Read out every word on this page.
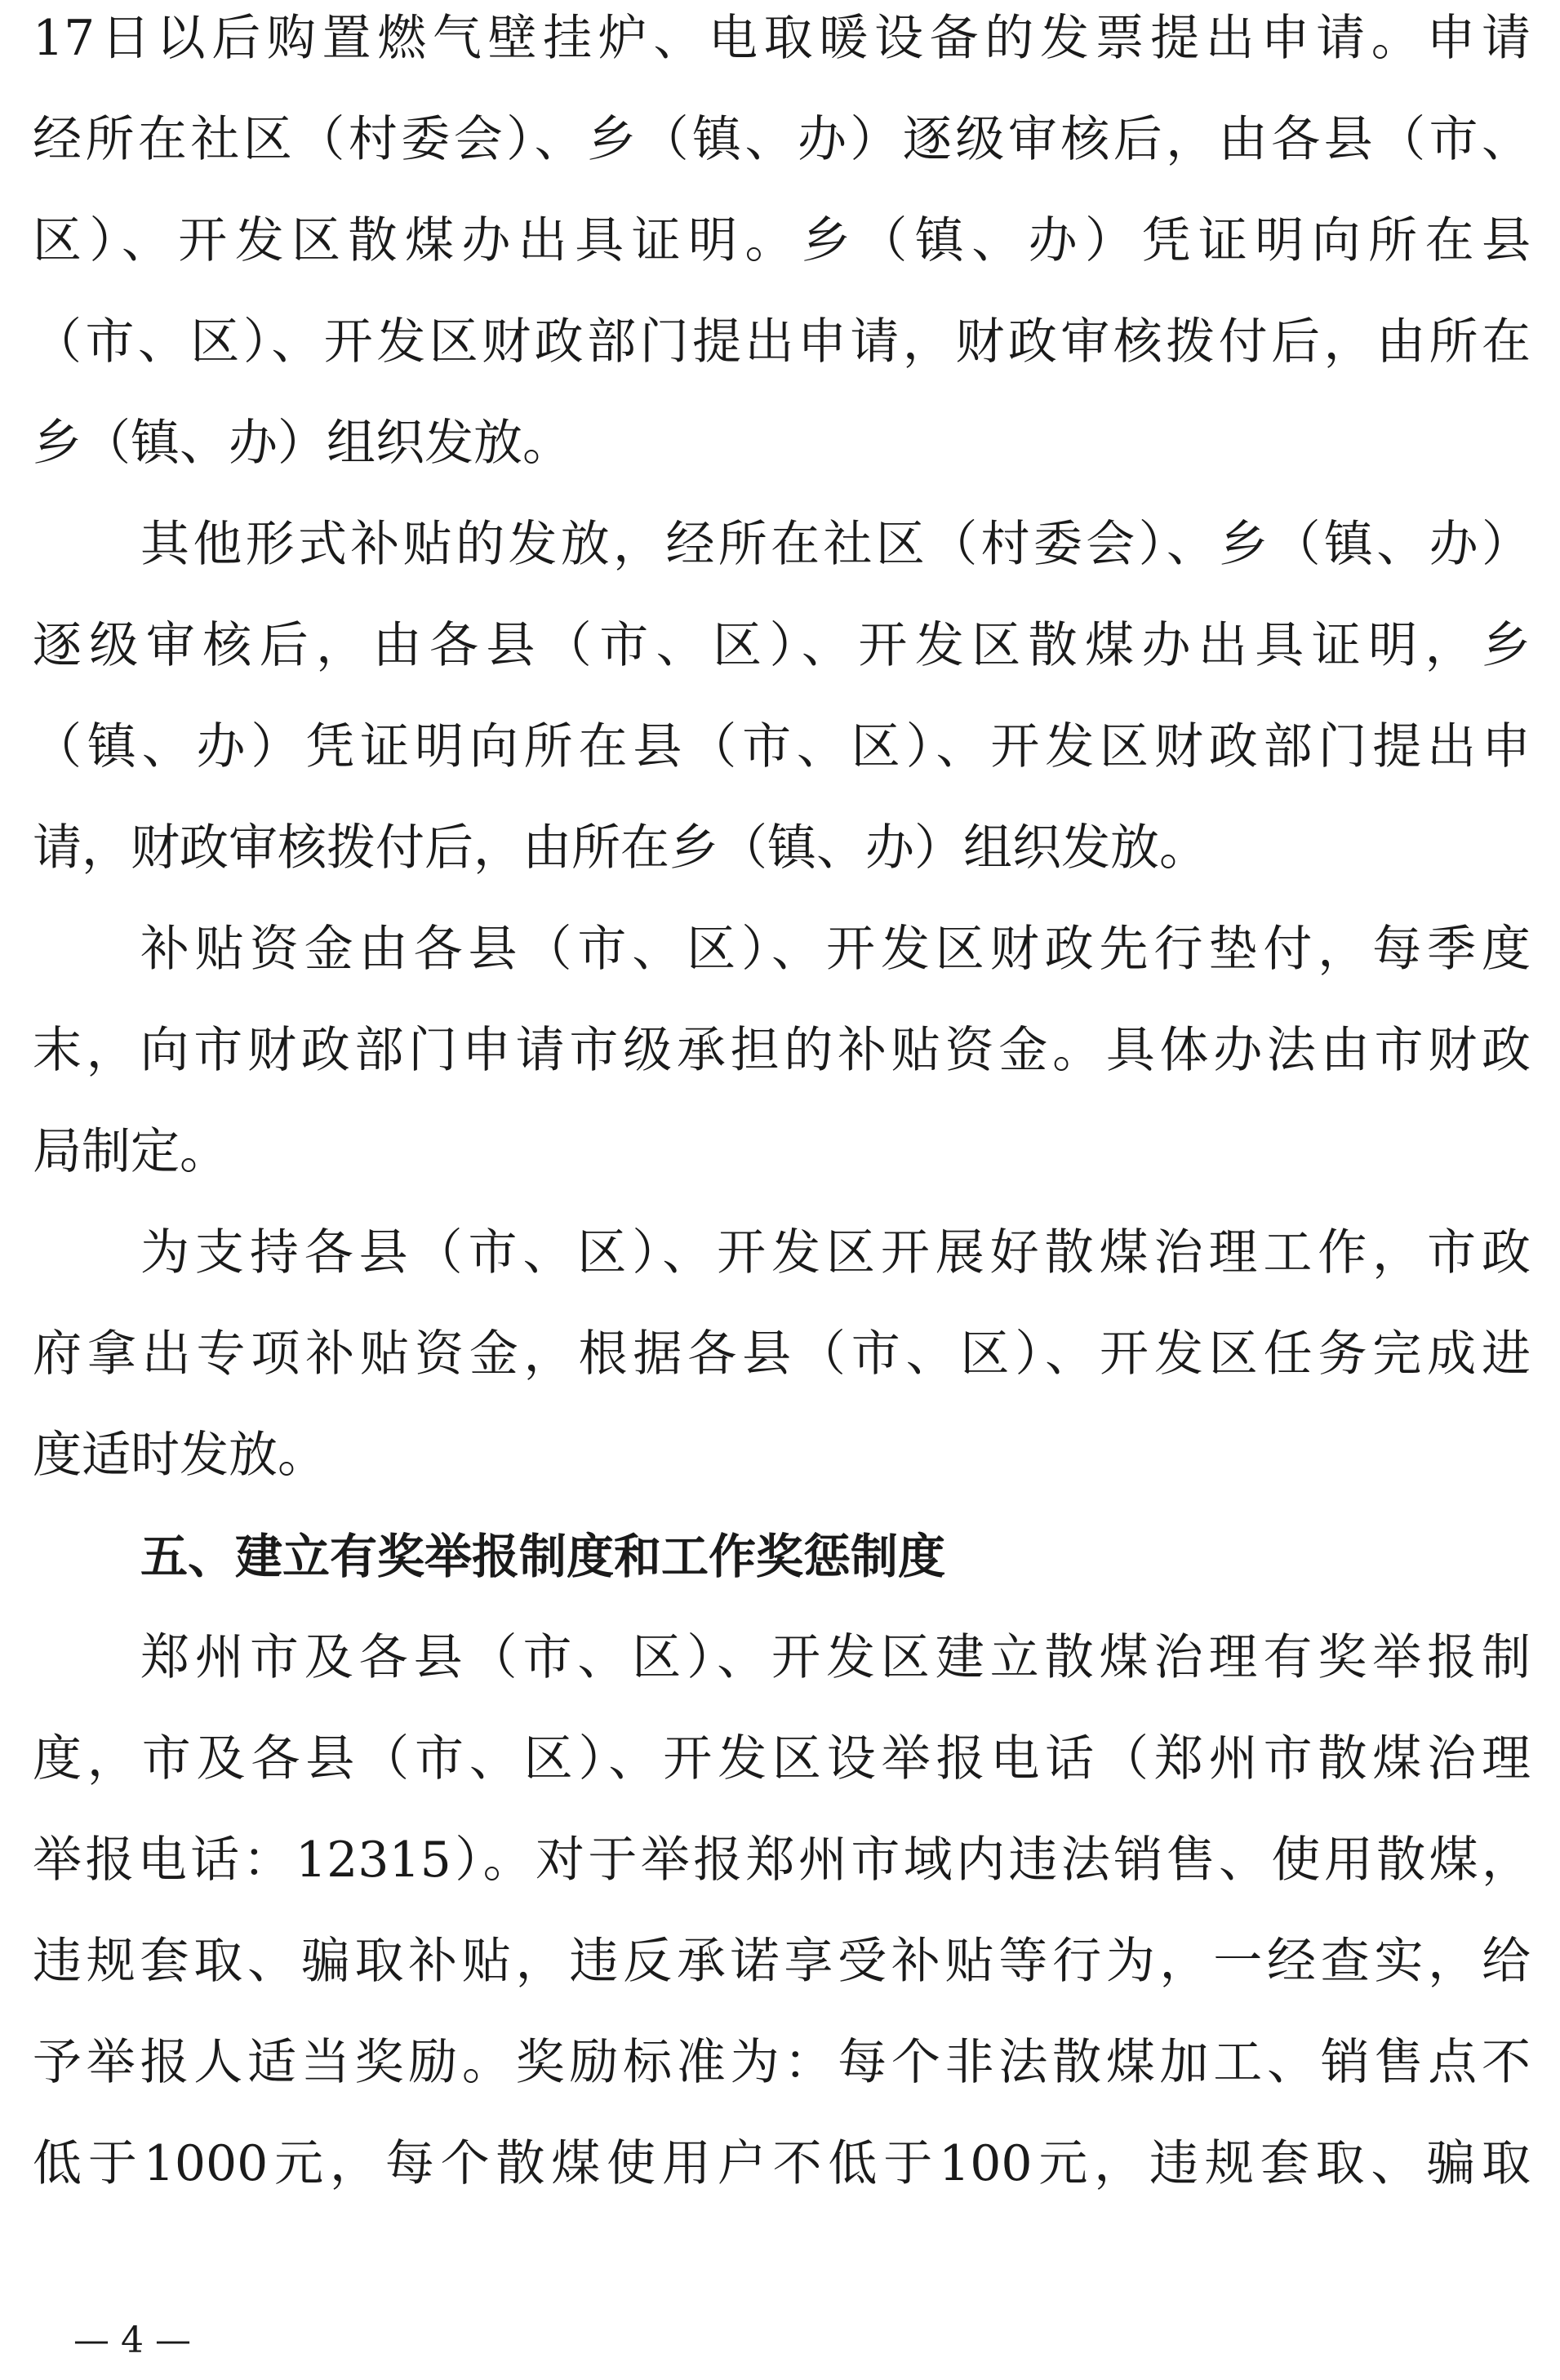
17日以后购置燃气壁挂炉、电取暖设备的发票提出申请。申请
经所在社区（村委会）、乡（镇、办）逐级审核后，由各县（市、
区）、开发区散煤办出具证明。乡（镇、办）凭证明向所在县
（市、区）、开发区财政部门提出申请，财政审核拨付后，由所在
乡（镇、办）组织发放。
其他形式补贴的发放，经所在社区（村委会）、乡（镇、办）
逐级审核后，由各县（市、区）、开发区散煤办出具证明，乡
（镇、办）凭证明向所在县（市、区）、开发区财政部门提出申
请，财政审核拨付后，由所在乡（镇、办）组织发放。
补贴资金由各县（市、区）、开发区财政先行垫付，每季度
末，向市财政部门申请市级承担的补贴资金。具体办法由市财政
局制定。
为支持各县（市、区）、开发区开展好散煤治理工作，市政
府拿出专项补贴资金，根据各县（市、区）、开发区任务完成进
度适时发放。
五、建立有奖举报制度和工作奖惩制度
郑州市及各县（市、区）、开发区建立散煤治理有奖举报制
度，市及各县（市、区）、开发区设举报电话（郑州市散煤治理
举报电话：12315）。对于举报郑州市域内违法销售、使用散煤，
违规套取、骗取补贴，违反承诺享受补贴等行为，一经查实，给
予举报人适当奖励。奖励标准为：每个非法散煤加工、销售点不
低于1000元，每个散煤使用户不低于100元，违规套取、骗取
— 4 —
